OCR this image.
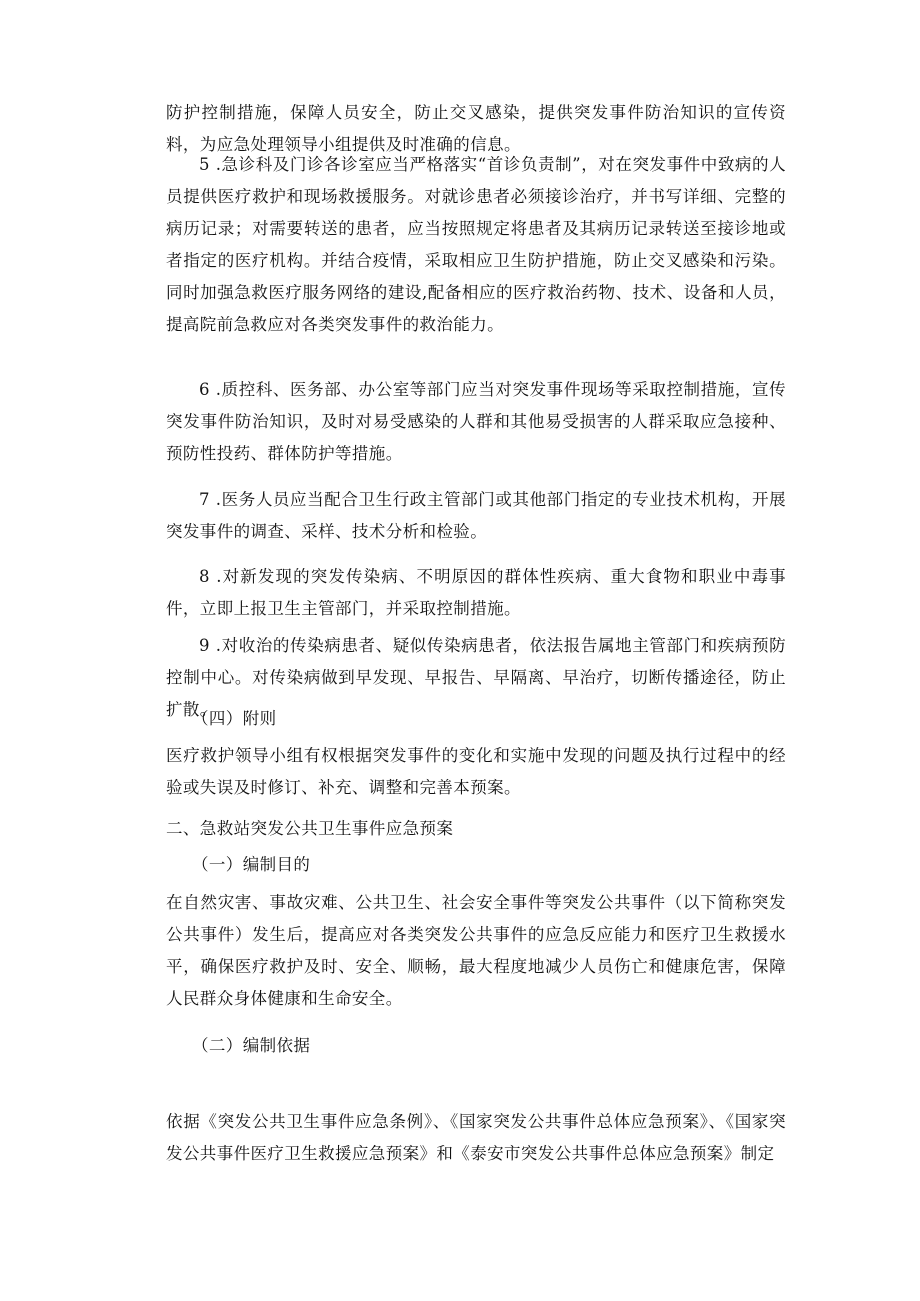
防护控制措施，保障人员安全，防止交叉感染，提供突发事件防治知识的宣传资料，为应急处理领导小组提供及时准确的信息。

5 .急诊科及门诊各诊室应当严格落实“首诊负责制”，对在突发事件中致病的人员提供医疗救护和现场救援服务。对就诊患者必须接诊治疗，并书写详细、完整的病历记录；对需要转送的患者，应当按照规定将患者及其病历记录转送至接诊地或者指定的医疗机构。并结合疫情，采取相应卫生防护措施，防止交叉感染和污染。同时加强急救医疗服务网络的建设,配备相应的医疗救治药物、技术、设备和人员，提高院前急救应对各类突发事件的救治能力。

6 .质控科、医务部、办公室等部门应当对突发事件现场等采取控制措施，宣传突发事件防治知识，及时对易受感染的人群和其他易受损害的人群采取应急接种、预防性投药、群体防护等措施。

7 .医务人员应当配合卫生行政主管部门或其他部门指定的专业技术机构，开展突发事件的调查、采样、技术分析和检验。

8 .对新发现的突发传染病、不明原因的群体性疾病、重大食物和职业中毒事件，立即上报卫生主管部门，并采取控制措施。

9 .对收治的传染病患者、疑似传染病患者，依法报告属地主管部门和疾病预防控制中心。对传染病做到早发现、早报告、早隔离、早治疗，切断传播途径，防止扩散。

（四）附则

医疗救护领导小组有权根据突发事件的变化和实施中发现的问题及执行过程中的经验或失误及时修订、补充、调整和完善本预案。

二、急救站突发公共卫生事件应急预案

（一）编制目的

在自然灾害、事故灾难、公共卫生、社会安全事件等突发公共事件（以下简称突发公共事件）发生后，提高应对各类突发公共事件的应急反应能力和医疗卫生救援水平，确保医疗救护及时、安全、顺畅，最大程度地减少人员伤亡和健康危害，保障人民群众身体健康和生命安全。

（二）编制依据

依据《突发公共卫生事件应急条例》、《国家突发公共事件总体应急预案》、《国家突发公共事件医疗卫生救援应急预案》和《泰安市突发公共事件总体应急预案》制定
